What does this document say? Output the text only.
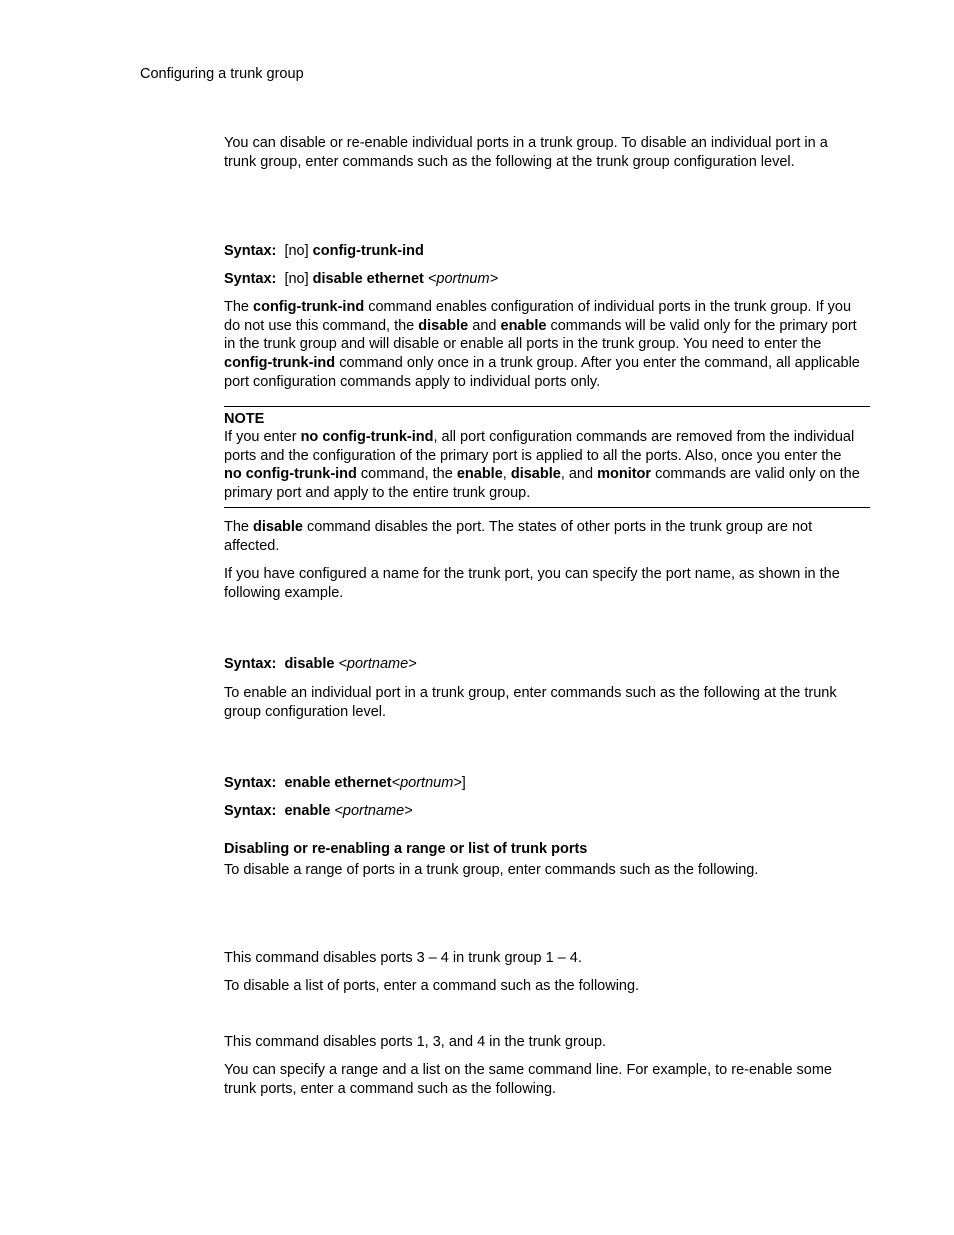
Configuring a trunk group
You can disable or re-enable individual ports in a trunk group. To disable an individual port in a
trunk group, enter commands such as the following at the trunk group configuration level.
Syntax: [no] config-trunk-ind
Syntax: [no] disable ethernet <portnum>
The config-trunk-ind command enables configuration of individual ports in the trunk group. If you
do not use this command, the disable and enable commands will be valid only for the primary port
in the trunk group and will disable or enable all ports in the trunk group. You need to enter the
config-trunk-ind command only once in a trunk group. After you enter the command, all applicable
port configuration commands apply to individual ports only.
NOTE
If you enter no config-trunk-ind, all port configuration commands are removed from the individual
ports and the configuration of the primary port is applied to all the ports. Also, once you enter the
no config-trunk-ind command, the enable, disable, and monitor commands are valid only on the
primary port and apply to the entire trunk group.
The disable command disables the port. The states of other ports in the trunk group are not
affected.
If you have configured a name for the trunk port, you can specify the port name, as shown in the
following example.
Syntax: disable <portname>
To enable an individual port in a trunk group, enter commands such as the following at the trunk
group configuration level.
Syntax: enable ethernet<portnum>]
Syntax: enable <portname>
Disabling or re-enabling a range or list of trunk ports
To disable a range of ports in a trunk group, enter commands such as the following.
This command disables ports 3 – 4 in trunk group 1 – 4.
To disable a list of ports, enter a command such as the following.
This command disables ports 1, 3, and 4 in the trunk group.
You can specify a range and a list on the same command line. For example, to re-enable some
trunk ports, enter a command such as the following.
